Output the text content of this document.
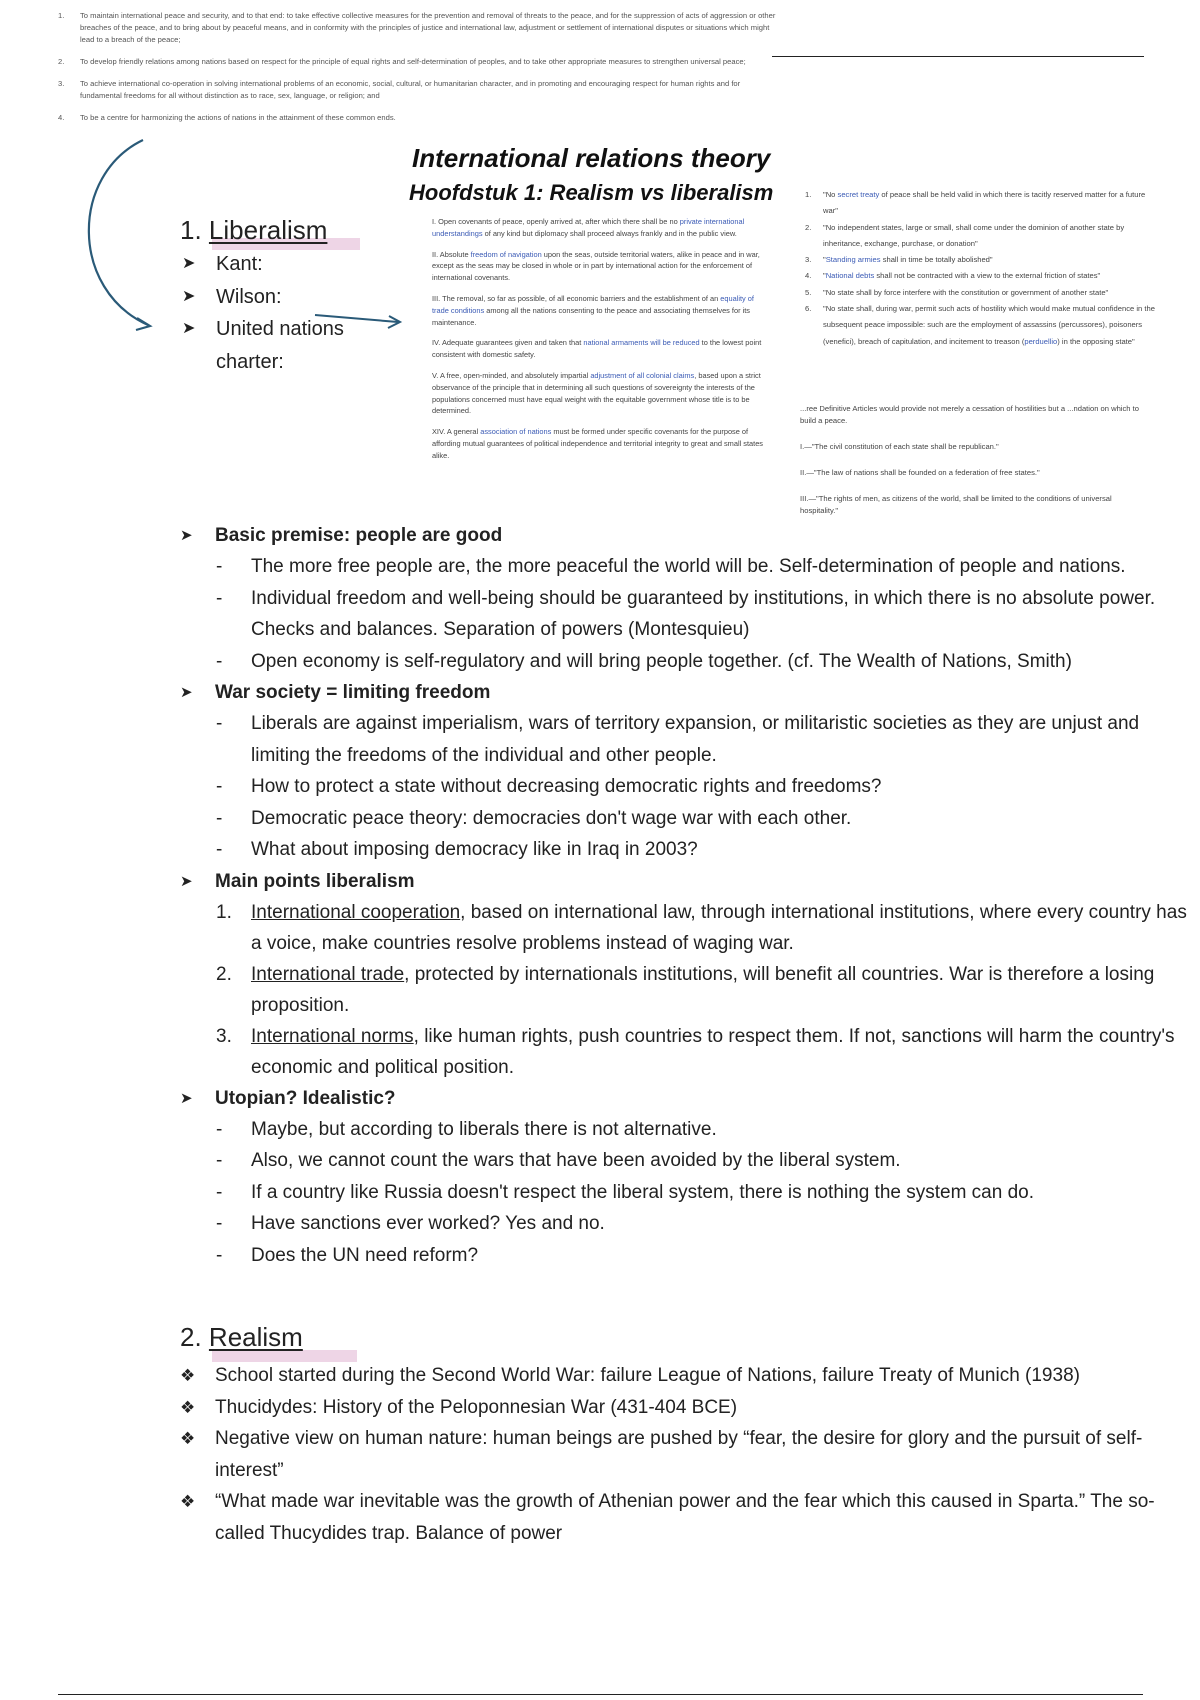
1. To maintain international peace and security, and to that end: to take effective collective measures for the prevention and removal of threats to the peace, and for the suppression of acts of aggression or other breaches of the peace, and to bring about by peaceful means, and in conformity with the principles of justice and international law, adjustment or settlement of international disputes or situations which might lead to a breach of the peace;
2. To develop friendly relations among nations based on respect for the principle of equal rights and self-determination of peoples, and to take other appropriate measures to strengthen universal peace;
3. To achieve international co-operation in solving international problems of an economic, social, cultural, or humanitarian character, and in promoting and encouraging respect for human rights and for fundamental freedoms for all without distinction as to race, sex, language, or religion; and
4. To be a centre for harmonizing the actions of nations in the attainment of these common ends.
International relations theory
Hoofdstuk 1: Realism vs liberalism
1. Liberalism
➤ Kant:
➤ Wilson:
➤ United nations
charter:

I. Open covenants of peace, openly arrived at, after which there shall be no private international understandings of any kind but diplomacy shall proceed always frankly and in the public view.

II. Absolute freedom of navigation upon the seas, outside territorial waters, alike in peace and in war, except as the seas may be closed in whole or in part by international action for the enforcement of international covenants.

III. The removal, so far as possible, of all economic barriers and the establishment of an equality of trade conditions among all the nations consenting to the peace and associating themselves for its maintenance.

IV. Adequate guarantees given and taken that national armaments will be reduced to the lowest point consistent with domestic safety.

V. A free, open-minded, and absolutely impartial adjustment of all colonial claims, based upon a strict observance of the principle that in determining all such questions of sovereignty the interests of the populations concerned must have equal weight with the equitable government whose title is to be determined.

XIV. A general association of nations must be formed under specific covenants for the purpose of affording mutual guarantees of political independence and territorial integrity to great and small states alike.

1. "No secret treaty of peace shall be held valid in which there is tacitly reserved matter for a future war"
2. "No independent states, large or small, shall come under the dominion of another state by inheritance, exchange, purchase, or donation"
3. "Standing armies shall in time be totally abolished"
4. "National debts shall not be contracted with a view to the external friction of states"
5. "No state shall by force interfere with the constitution or government of another state"
6. "No state shall, during war, permit such acts of hostility which would make mutual confidence in the subsequent peace impossible: such are the employment of assassins (percussores), poisoners (venefici), breach of capitulation, and incitement to treason (perduellio) in the opposing state"

...ree Definitive Articles would provide not merely a cessation of hostilities but a ...ndation on which to build a peace.

I.—"The civil constitution of each state shall be republican."

II.—"The law of nations shall be founded on a federation of free states."

III.—"The rights of men, as citizens of the world, shall be limited to the conditions of universal hospitality."

➤ Basic premise: people are good
- The more free people are, the more peaceful the world will be. Self-determination of people and nations.
- Individual freedom and well-being should be guaranteed by institutions, in which there is no absolute power. Checks and balances. Separation of powers (Montesquieu)
- Open economy is self-regulatory and will bring people together. (cf. The Wealth of Nations, Smith)
➤ War society = limiting freedom
- Liberals are against imperialism, wars of territory expansion, or militaristic societies as they are unjust and limiting the freedoms of the individual and other people.
- How to protect a state without decreasing democratic rights and freedoms?
- Democratic peace theory: democracies don't wage war with each other.
- What about imposing democracy like in Iraq in 2003?
➤ Main points liberalism
1. International cooperation, based on international law, through international institutions, where every country has a voice, make countries resolve problems instead of waging war.
2. International trade, protected by internationals institutions, will benefit all countries. War is therefore a losing proposition.
3. International norms, like human rights, push countries to respect them. If not, sanctions will harm the country's economic and political position.
➤ Utopian? Idealistic?
- Maybe, but according to liberals there is not alternative.
- Also, we cannot count the wars that have been avoided by the liberal system.
- If a country like Russia doesn't respect the liberal system, there is nothing the system can do.
- Have sanctions ever worked? Yes and no.
- Does the UN need reform?
2. Realism
❖ School started during the Second World War: failure League of Nations, failure Treaty of Munich (1938)
❖ Thucidydes: History of the Peloponnesian War (431-404 BCE)
❖ Negative view on human nature: human beings are pushed by “fear, the desire for glory and the pursuit of self-interest”
❖ “What made war inevitable was the growth of Athenian power and the fear which this caused in Sparta.” The so-called Thucydides trap. Balance of power
